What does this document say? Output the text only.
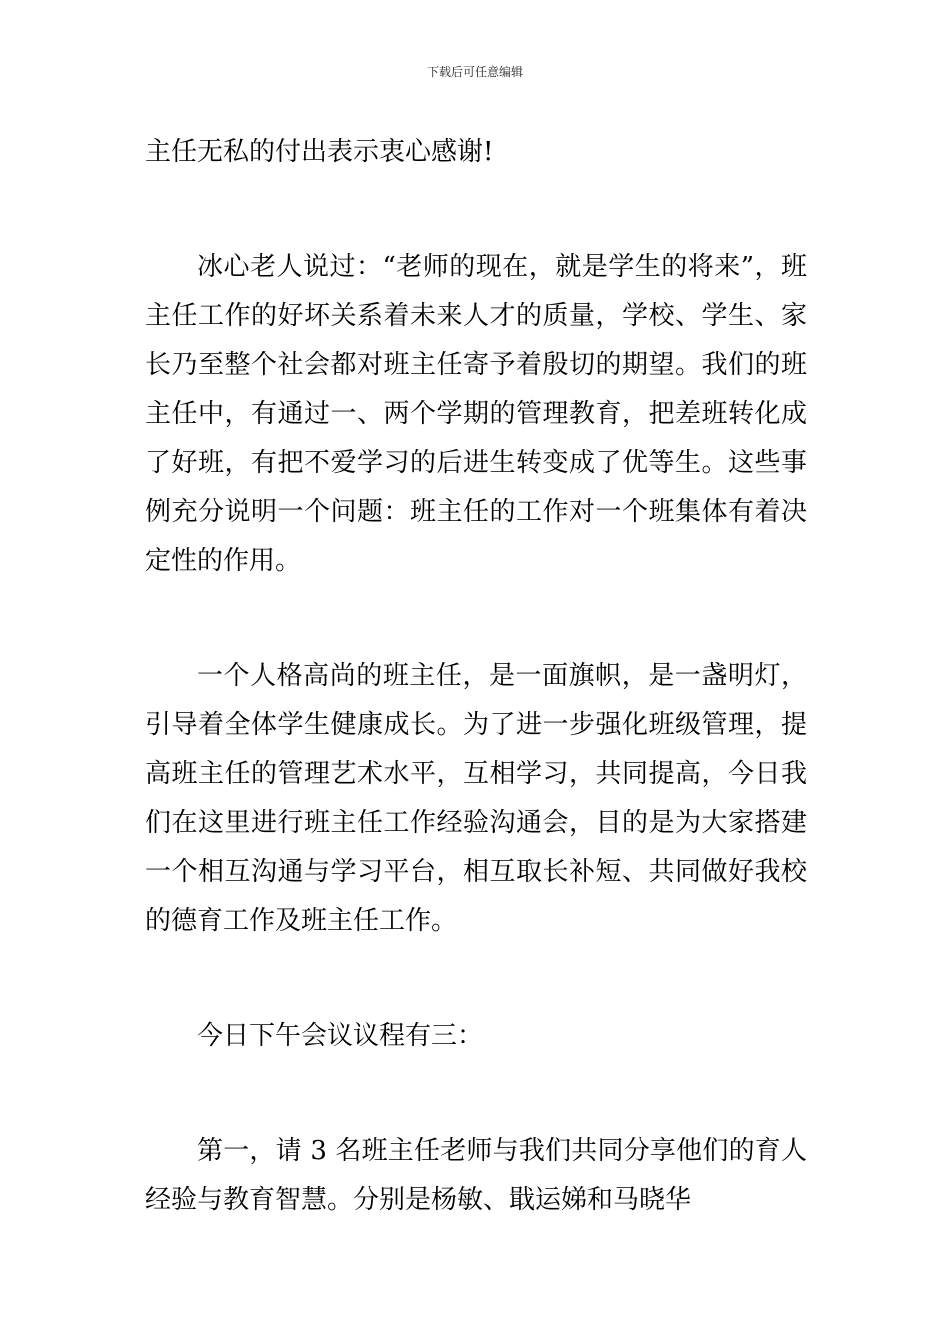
下载后可任意编辑

主任无私的付出表示衷心感谢!

冰心老人说过：“老师的现在，就是学生的将来”，班主任工作的好坏关系着未来人才的质量，学校、学生、家长乃至整个社会都对班主任寄予着殷切的期望。我们的班主任中，有通过一、两个学期的管理教育，把差班转化成了好班，有把不爱学习的后进生转变成了优等生。这些事例充分说明一个问题：班主任的工作对一个班集体有着决定性的作用。

一个人格高尚的班主任，是一面旗帜，是一盏明灯，引导着全体学生健康成长。为了进一步强化班级管理，提高班主任的管理艺术水平，互相学习，共同提高，今日我们在这里进行班主任工作经验沟通会，目的是为大家搭建一个相互沟通与学习平台，相互取长补短、共同做好我校的德育工作及班主任工作。

今日下午会议议程有三：

第一，请 3 名班主任老师与我们共同分享他们的育人经验与教育智慧。分别是杨敏、戢运娣和马晓华
